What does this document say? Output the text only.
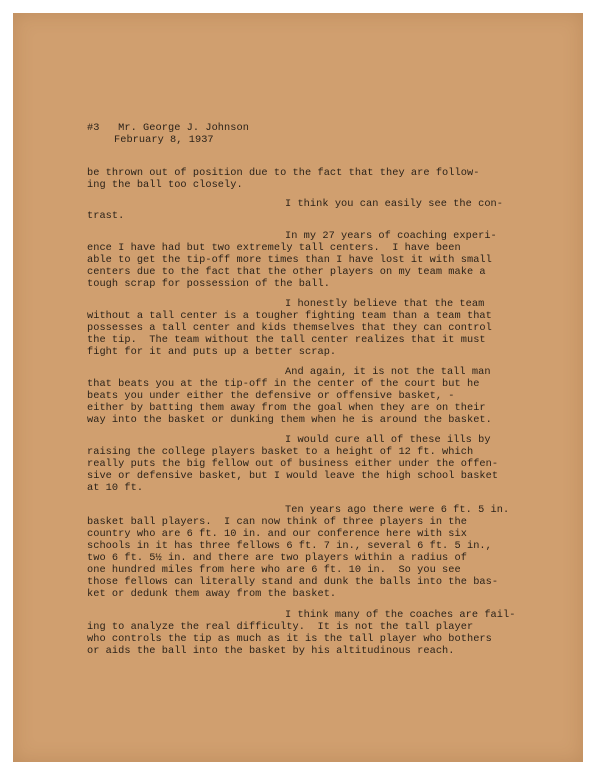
#3   Mr. George J. Johnson
February 8, 1937
be thrown out of position due to the fact that they are follow-
ing the ball too closely.
I think you can easily see the con-
trast.
In my 27 years of coaching experi-
ence I have had but two extremely tall centers.  I have been
able to get the tip-off more times than I have lost it with small
centers due to the fact that the other players on my team make a
tough scrap for possession of the ball.
I honestly believe that the team
without a tall center is a tougher fighting team than a team that
possesses a tall center and kids themselves that they can control
the tip.  The team without the tall center realizes that it must
fight for it and puts up a better scrap.
And again, it is not the tall man
that beats you at the tip-off in the center of the court but he
beats you under either the defensive or offensive basket, -
either by batting them away from the goal when they are on their
way into the basket or dunking them when he is around the basket.
I would cure all of these ills by
raising the college players basket to a height of 12 ft. which
really puts the big fellow out of business either under the offen-
sive or defensive basket, but I would leave the high school basket
at 10 ft.
Ten years ago there were 6 ft. 5 in.
basket ball players.  I can now think of three players in the
country who are 6 ft. 10 in. and our conference here with six
schools in it has three fellows 6 ft. 7 in., several 6 ft. 5 in.,
two 6 ft. 5½ in. and there are two players within a radius of
one hundred miles from here who are 6 ft. 10 in.  So you see
those fellows can literally stand and dunk the balls into the bas-
ket or dedunk them away from the basket.
I think many of the coaches are fail-
ing to analyze the real difficulty.  It is not the tall player
who controls the tip as much as it is the tall player who bothers
or aids the ball into the basket by his altitudinous reach.
